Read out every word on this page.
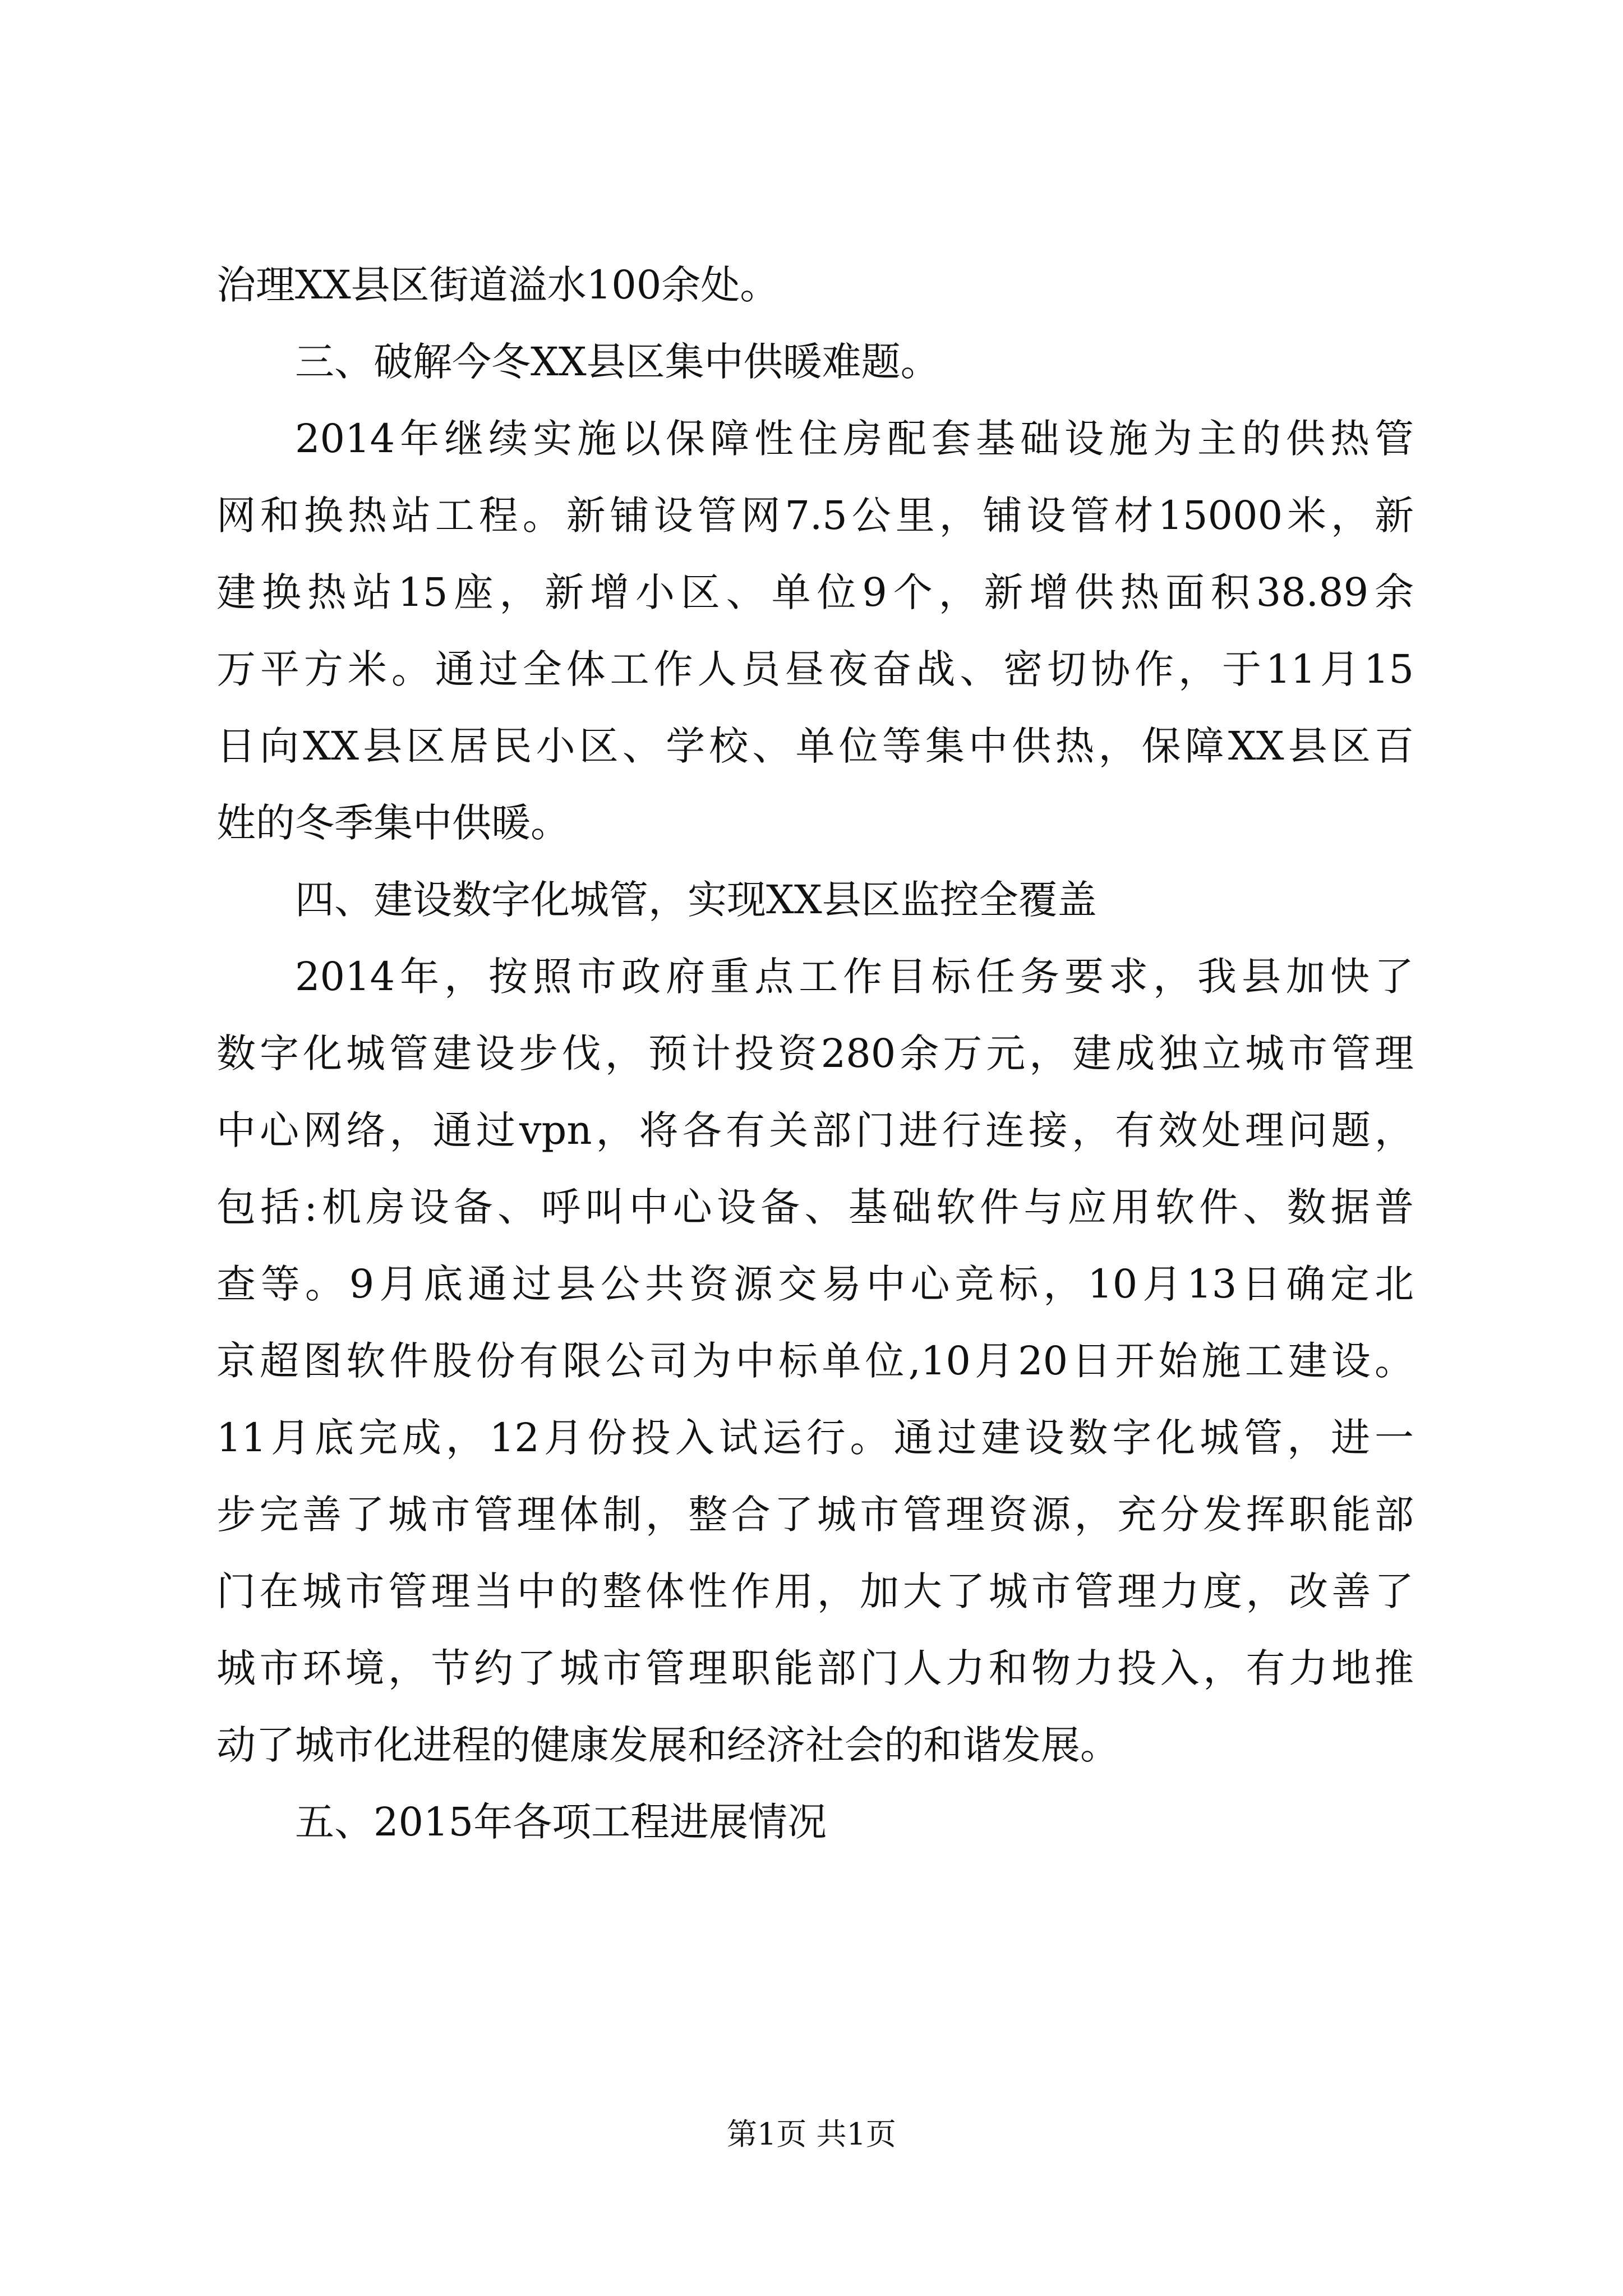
治理XX县区街道溢水100余处。
三、破解今冬XX县区集中供暖难题。
2014年继续实施以保障性住房配套基础设施为主的供热管
网和换热站工程。新铺设管网7.5公里，铺设管材15000米，新
建换热站15座，新增小区、单位9个，新增供热面积38.89余
万平方米。通过全体工作人员昼夜奋战、密切协作，于11月15
日向XX县区居民小区、学校、单位等集中供热，保障XX县区百
姓的冬季集中供暖。
四、建设数字化城管，实现XX县区监控全覆盖
2014年，按照市政府重点工作目标任务要求，我县加快了
数字化城管建设步伐，预计投资280余万元，建成独立城市管理
中心网络，通过vpn，将各有关部门进行连接，有效处理问题，
包括:机房设备、呼叫中心设备、基础软件与应用软件、数据普
查等。9月底通过县公共资源交易中心竞标，10月13日确定北
京超图软件股份有限公司为中标单位,10月20日开始施工建设。
11月底完成，12月份投入试运行。通过建设数字化城管，进一
步完善了城市管理体制，整合了城市管理资源，充分发挥职能部
门在城市管理当中的整体性作用，加大了城市管理力度，改善了
城市环境，节约了城市管理职能部门人力和物力投入，有力地推
动了城市化进程的健康发展和经济社会的和谐发展。
五、2015年各项工程进展情况
第1页 共1页
